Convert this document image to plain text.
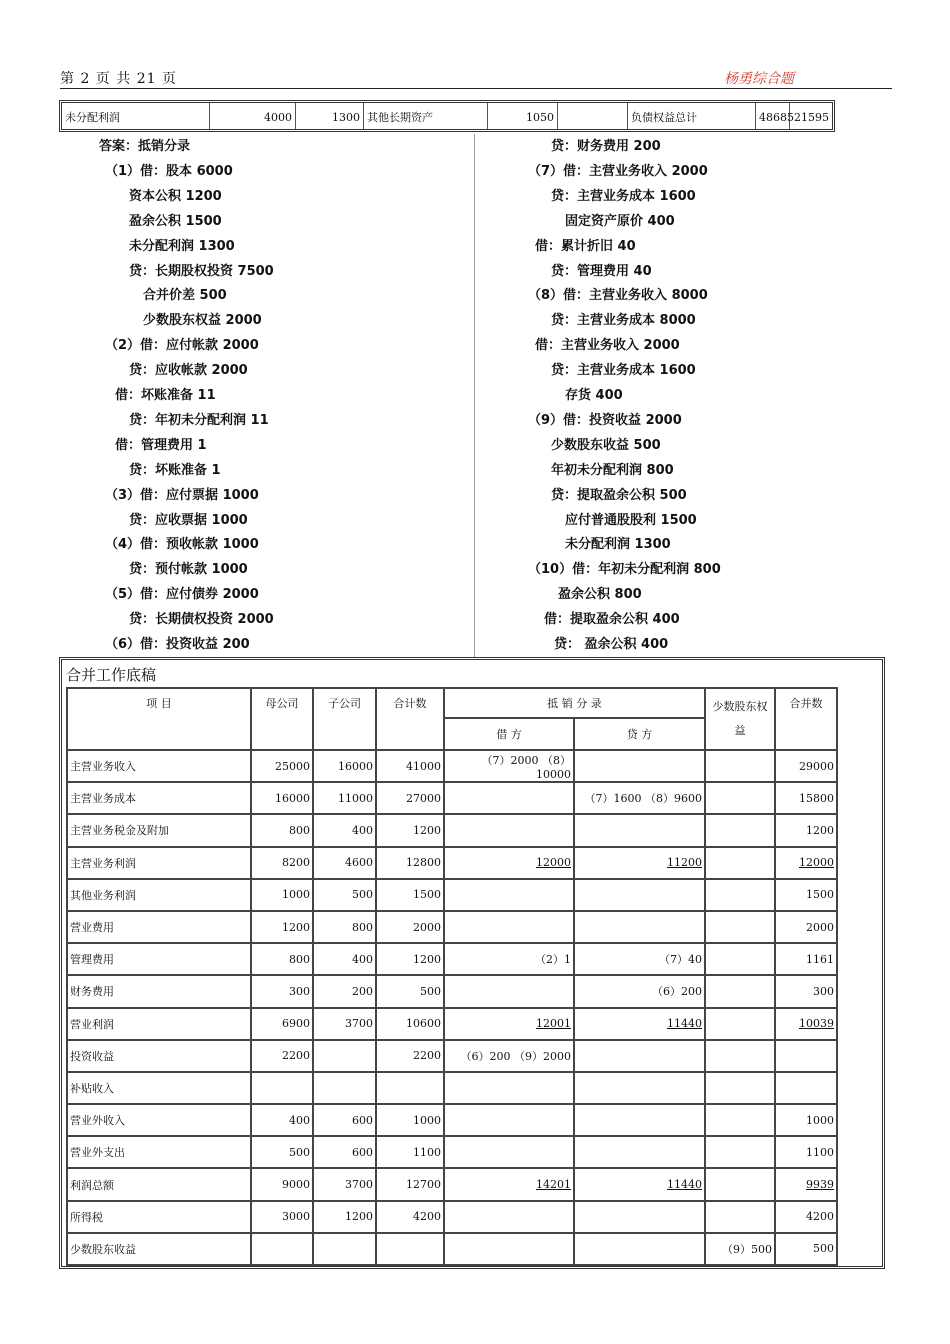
第 2 页 共 21 页	杨勇综合题
未分配利润	4000	1300 其他长期资产	1050	负债权益总计	48685 21595
答案：抵销分录
（1）借：股本 6000
资本公积 1200
盈余公积 1500
未分配利润 1300
贷：长期股权投资 7500
合并价差 500
少数股东权益 2000
（2）借：应付帐款 2000
贷：应收帐款 2000
借：坏账准备 11
贷：年初未分配利润 11
借：管理费用 1
贷：坏账准备 1
（3）借：应付票据 1000
贷：应收票据 1000
（4）借：预收帐款 1000
贷：预付帐款 1000
（5）借：应付债券 2000
贷：长期债权投资 2000
（6）借：投资收益 200
贷：财务费用 200
（7）借：主营业务收入 2000
贷：主营业务成本 1600
固定资产原价 400
借：累计折旧 40
贷：管理费用 40
（8）借：主营业务收入 8000
贷：主营业务成本 8000
借：主营业务收入 2000
贷：主营业务成本 1600
存货 400
（9）借：投资收益 2000
少数股东收益 500
年初未分配利润 800
贷：提取盈余公积 500
应付普通股股利 1500
未分配利润 1300
（10）借：年初未分配利润 800
盈余公积 800
借：提取盈余公积 400
贷： 盈余公积 400
合并工作底稿
项 目	母公司	子公司	合计数	抵 销 分 录		少数股东权益	合并数
				借 方	贷 方		
主营业务收入	25000	16000	41000	（7）2000 （8）10000			29000
主营业务成本	16000	11000	27000		（7）1600 （8）9600		15800
主营业务税金及附加	800	400	1200				1200
主营业务利润	8200	4600	12800	12000	11200		12000
其他业务利润	1000	500	1500				1500
营业费用	1200	800	2000				2000
管理费用	800	400	1200	（2）1	（7）40		1161
财务费用	300	200	500		（6）200		300
营业利润	6900	3700	10600	12001	11440		10039
投资收益	2200		2200	（6）200 （9）2000			
补贴收入							
营业外收入	400	600	1000				1000
营业外支出	500	600	1100				1100
利润总额	9000	3700	12700	14201	11440		9939
所得税	3000	1200	4200				4200
少数股东收益						（9）500	500
